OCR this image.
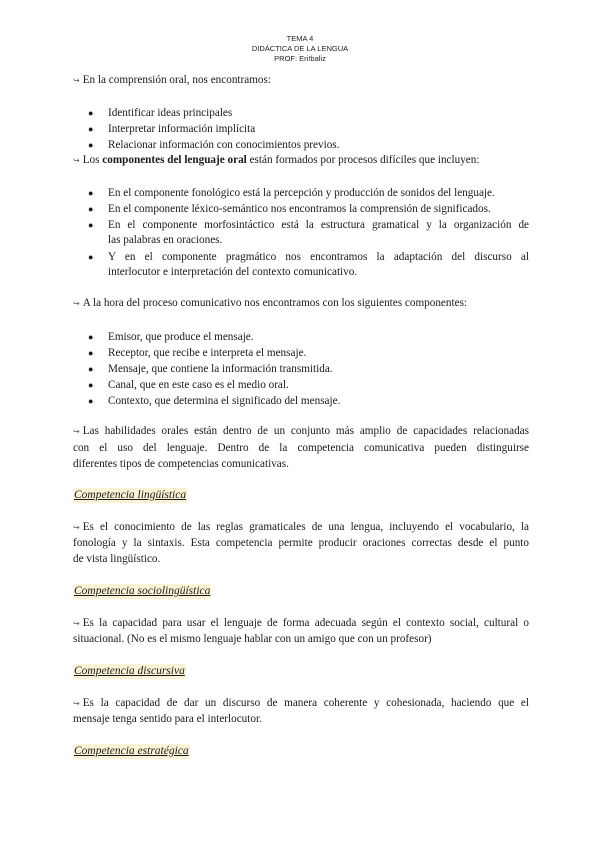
TEMA 4
DIDÁCTICA DE LA LENGUA
PROF: Eri!baliz
↪ En la comprensión oral, nos encontramos:
● Identificar ideas principales
● Interpretar información implícita
● Relacionar información con conocimientos previos.
↪ Los componentes del lenguaje oral están formados por procesos difíciles que incluyen:
● En el componente fonológico está la percepción y producción de sonidos del lenguaje.
● En el componente léxico-semántico nos encontramos la comprensión de significados.
● En el componente morfosintáctico está la estructura gramatical y la organización de
las palabras en oraciones.
● Y en el componente pragmático nos encontramos la adaptación del discurso al
interlocutor e interpretación del contexto comunicativo.
↪ A la hora del proceso comunicativo nos encontramos con los siguientes componentes:
● Emisor, que produce el mensaje.
● Receptor, que recibe e interpreta el mensaje.
● Mensaje, que contiene la información transmitida.
● Canal, que en este caso es el medio oral.
● Contexto, que determina el significado del mensaje.
↪ Las habilidades orales están dentro de un conjunto más amplio de capacidades relacionadas
con el uso del lenguaje. Dentro de la competencia comunicativa pueden distinguirse
diferentes tipos de competencias comunicativas.
Competencia lingüística
↪ Es el conocimiento de las reglas gramaticales de una lengua, incluyendo el vocabulario, la
fonología y la sintaxis. Esta competencia permite producir oraciones correctas desde el punto
de vista lingüístico.
Competencia sociolingüística
↪ Es la capacidad para usar el lenguaje de forma adecuada según el contexto social, cultural o
situacional. (No es el mismo lenguaje hablar con un amigo que con un profesor)
Competencia discursiva
↪ Es la capacidad de dar un discurso de manera coherente y cohesionada, haciendo que el
mensaje tenga sentido para el interlocutor.
Competencia estratégica
